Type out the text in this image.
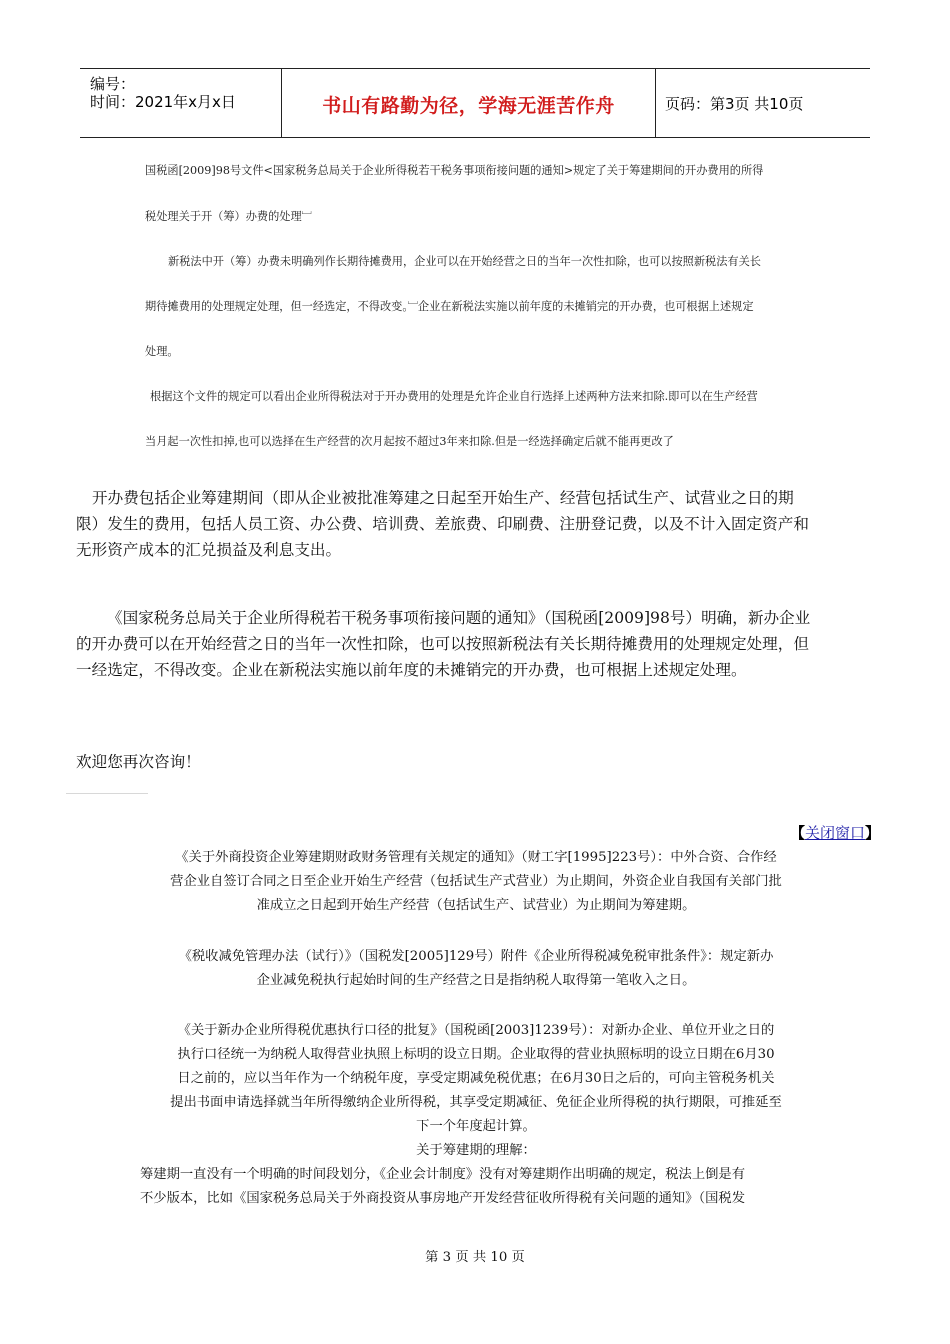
编号：
时间：2021年x月x日	书山有路勤为径，学海无涯苦作舟	页码：第3页 共10页
国税函[2009]98号文件<国家税务总局关于企业所得税若干税务事项衔接问题的通知>规定了关于筹建期间的开办费用的所得
税处理关于开（筹）办费的处理﹈
新税法中开（筹）办费未明确列作长期待摊费用，企业可以在开始经营之日的当年一次性扣除，也可以按照新税法有关长
期待摊费用的处理规定处理，但一经选定，不得改变。﹈企业在新税法实施以前年度的未摊销完的开办费，也可根据上述规定
处理。
根据这个文件的规定可以看出企业所得税法对于开办费用的处理是允许企业自行选择上述两种方法来扣除.即可以在生产经营
当月起一次性扣掉,也可以选择在生产经营的次月起按不超过3年来扣除.但是一经选择确定后就不能再更改了
开办费包括企业筹建期间（即从企业被批准筹建之日起至开始生产、经营包括试生产、试营业之日的期
限）发生的费用，包括人员工资、办公费、培训费、差旅费、印刷费、注册登记费，以及不计入固定资产和
无形资产成本的汇兑损益及利息支出。
《国家税务总局关于企业所得税若干税务事项衔接问题的通知》（国税函[2009]98号）明确，新办企业
的开办费可以在开始经营之日的当年一次性扣除，也可以按照新税法有关长期待摊费用的处理规定处理，但
一经选定，不得改变。企业在新税法实施以前年度的未摊销完的开办费，也可根据上述规定处理。
欢迎您再次咨询！
【关闭窗口】
《关于外商投资企业筹建期财政财务管理有关规定的通知》（财工字[1995]223号）：中外合资、合作经
营企业自签订合同之日至企业开始生产经营（包括试生产式营业）为止期间，外资企业自我国有关部门批
准成立之日起到开始生产经营（包括试生产、试营业）为止期间为筹建期。
《税收减免管理办法（试行）》（国税发[2005]129号）附件《企业所得税减免税审批条件》：规定新办
企业减免税执行起始时间的生产经营之日是指纳税人取得第一笔收入之日。
《关于新办企业所得税优惠执行口径的批复》（国税函[2003]1239号）：对新办企业、单位开业之日的
执行口径统一为纳税人取得营业执照上标明的设立日期。企业取得的营业执照标明的设立日期在6月30
日之前的，应以当年作为一个纳税年度，享受定期减免税优惠；在6月30日之后的，可向主管税务机关
提出书面申请选择就当年所得缴纳企业所得税，其享受定期减征、免征企业所得税的执行期限，可推延至
下一个年度起计算。
关于筹建期的理解：
筹建期一直没有一个明确的时间段划分，《企业会计制度》没有对筹建期作出明确的规定，税法上倒是有
不少版本，比如《国家税务总局关于外商投资从事房地产开发经营征收所得税有关问题的通知》（国税发
第 3 页 共 10 页
